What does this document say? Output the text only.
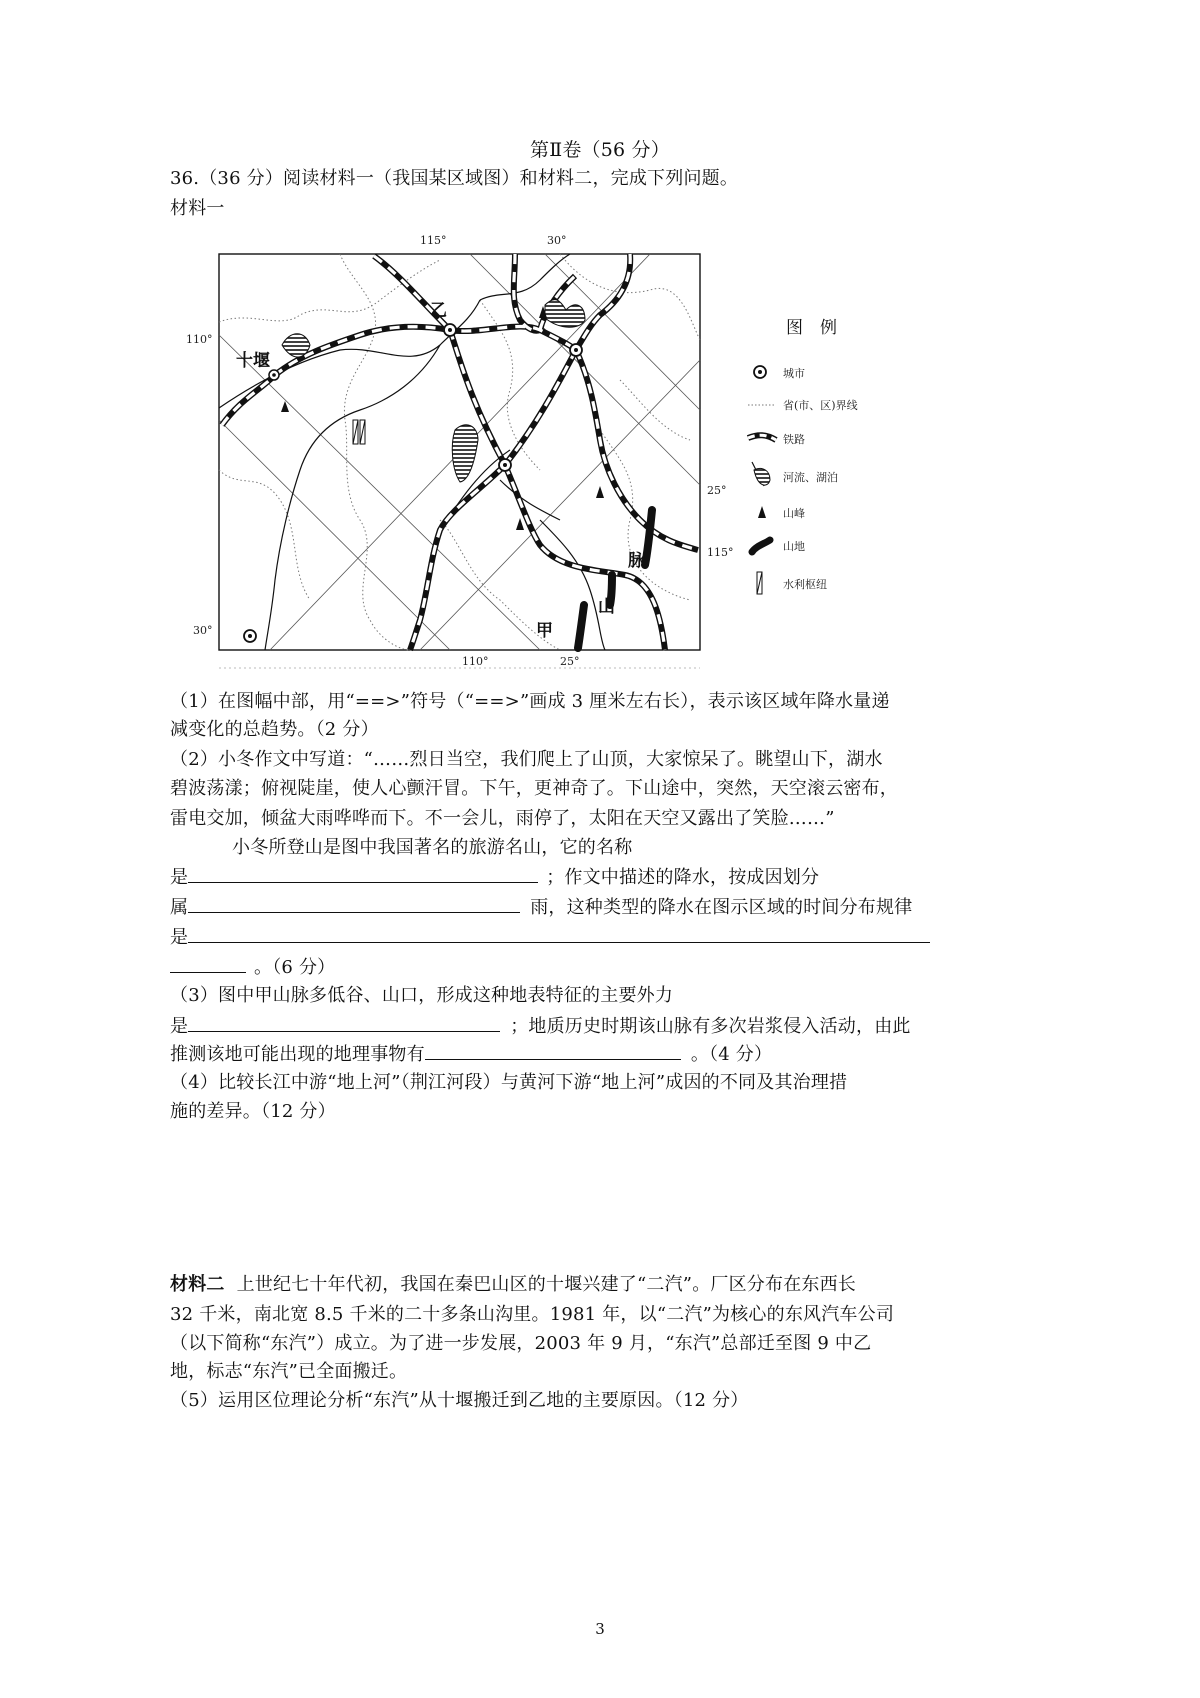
第Ⅱ卷（56 分）
36.（36 分）阅读材料一（我国某区域图）和材料二，完成下列问题。
材料一
115°	30°
110°
30°
25°
115°
110°	25°
十堰
乙
甲
山
脉
图　例
城市
省(市、区)界线
铁路
河流、湖泊
山峰
山地
水利枢纽
（1）在图幅中部，用“==>”符号（“==>”画成 3 厘米左右长），表示该区域年降水量递
减变化的总趋势。（2 分）
（2）小冬作文中写道：“……烈日当空，我们爬上了山顶，大家惊呆了。眺望山下，湖水
碧波荡漾；俯视陡崖，使人心颤汗冒。下午，更神奇了。下山途中，突然，天空滚云密布，
雷电交加，倾盆大雨哗哗而下。不一会儿，雨停了，太阳在天空又露出了笑脸……”
小冬所登山是图中我国著名的旅游名山，它的名称
是	；作文中描述的降水，按成因划分
属	雨，这种类型的降水在图示区域的时间分布规律
是
。（6 分）
（3）图中甲山脉多低谷、山口，形成这种地表特征的主要外力
是	；地质历史时期该山脉有多次岩浆侵入活动，由此
推测该地可能出现的地理事物有	。（4 分）
（4）比较长江中游“地上河”（荆江河段）与黄河下游“地上河”成因的不同及其治理措
施的差异。（12 分）
材料二 上世纪七十年代初，我国在秦巴山区的十堰兴建了“二汽”。厂区分布在东西长
32 千米，南北宽 8.5 千米的二十多条山沟里。1981 年，以“二汽”为核心的东风汽车公司
（以下简称“东汽”）成立。为了进一步发展，2003 年 9 月，“东汽”总部迁至图 9 中乙
地，标志“东汽”已全面搬迁。
（5）运用区位理论分析“东汽”从十堰搬迁到乙地的主要原因。（12 分）
3
